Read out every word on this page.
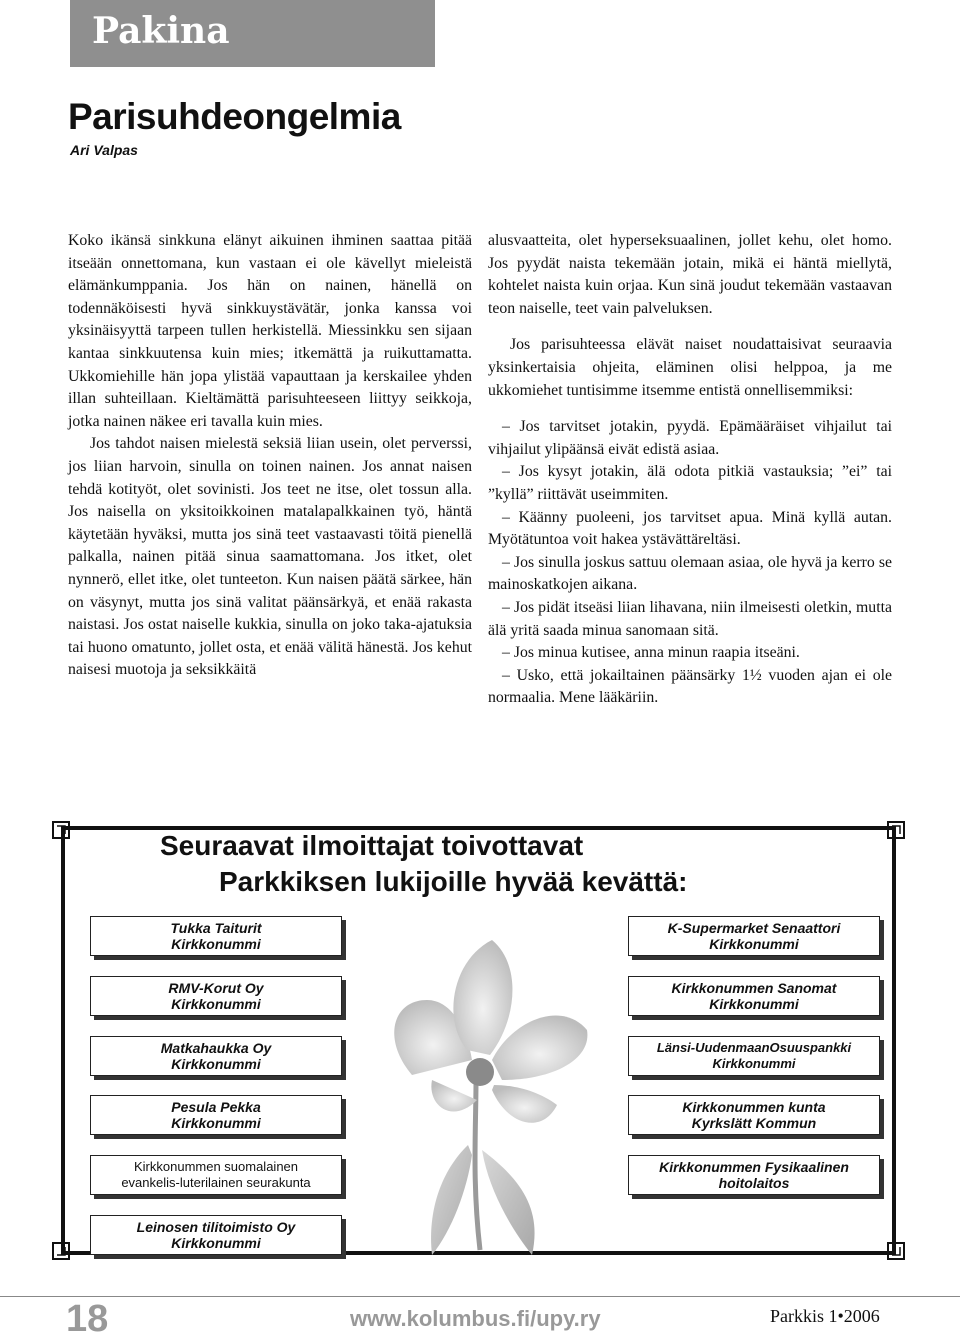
Pakina
Parisuhdeongelmia
Ari Valpas

Koko ikänsä sinkkuna elänyt aikuinen ihminen saattaa pitää itseään onnettomana, kun vastaan ei ole kävellyt mieleistä elämänkumppania. Jos hän on nainen, hänellä on todennäköisesti hyvä sinkkuystävätär, jonka kanssa voi yksinäisyyttä tarpeen tullen herkistellä. Miessinkku sen sijaan kantaa sinkkuutensa kuin mies; itkemättä ja ruikuttamatta. Ukkomiehille hän jopa ylistää vapauttaan ja kerskailee yhden illan suhteillaan. Kieltämättä parisuhteeseen liittyy seikkoja, jotka nainen näkee eri tavalla kuin mies.

Jos tahdot naisen mielestä seksiä liian usein, olet perverssi, jos liian harvoin, sinulla on toinen nainen. Jos annat naisen tehdä kotityöt, olet sovinisti. Jos teet ne itse, olet tossun alla. Jos naisella on yksitoikkoinen matalapalkkainen työ, häntä käytetään hyväksi, mutta jos sinä teet vastaavasti töitä pienellä palkalla, nainen pitää sinua saamattomana. Jos itket, olet nynnerö, ellet itke, olet tunteeton. Kun naisen päätä särkee, hän on väsynyt, mutta jos sinä valitat päänsärkyä, et enää rakasta naistasi. Jos ostat naiselle kukkia, sinulla on joko taka-ajatuksia tai huono omatunto, jollet osta, et enää välitä hänestä. Jos kehut naisesi muotoja ja seksikkäitä

alusvaatteita, olet hyperseksuaalinen, jollet kehu, olet homo. Jos pyydät naista tekemään jotain, mikä ei häntä miellytä, kohtelet naista kuin orjaa. Kun sinä joudut tekemään vastaavan teon naiselle, teet vain palveluksen.

Jos parisuhteessa elävät naiset noudattaisivat seuraavia yksinkertaisia ohjeita, eläminen olisi helppoa, ja me ukkomiehet tuntisimme itsemme entistä onnellisemmiksi:

– Jos tarvitset jotakin, pyydä. Epämääräiset vihjailut tai vihjailut ylipäänsä eivät edistä asiaa.
– Jos kysyt jotakin, älä odota pitkiä vastauksia; ”ei” tai ”kyllä” riittävät useimmiten.
– Käänny puoleeni, jos tarvitset apua. Minä kyllä autan. Myötätuntoa voit hakea ystävättäreltäsi.
– Jos sinulla joskus sattuu olemaan asiaa, ole hyvä ja kerro se mainoskatkojen aikana.
– Jos pidät itseäsi liian lihavana, niin ilmeisesti oletkin, mutta älä yritä saada minua sanomaan sitä.
– Jos minua kutisee, anna minun raapia itseäni.
– Usko, että jokailtainen päänsärky 1½ vuoden ajan ei ole normaalia. Mene lääkäriin.
Seuraavat ilmoittajat toivottavat
Parkkiksen lukijoille hyvää kevättä:
Tukka Taiturit
Kirkkonummi
RMV-Korut Oy
Kirkkonummi
Matkahaukka Oy
Kirkkonummi
Pesula Pekka
Kirkkonummi
Kirkkonummen suomalainen
evankelis-luterilainen seurakunta
Leinosen tilitoimisto Oy
Kirkkonummi
K-Supermarket Senaattori
Kirkkonummi
Kirkkonummen Sanomat
Kirkkonummi
Länsi-UudenmaanOsuuspankki
Kirkkonummi
Kirkkonummen kunta
Kyrkslätt Kommun
Kirkkonummen Fysikaalinen
hoitolaitos
18	www.kolumbus.fi/upy.ry	Parkkis 1•2006
